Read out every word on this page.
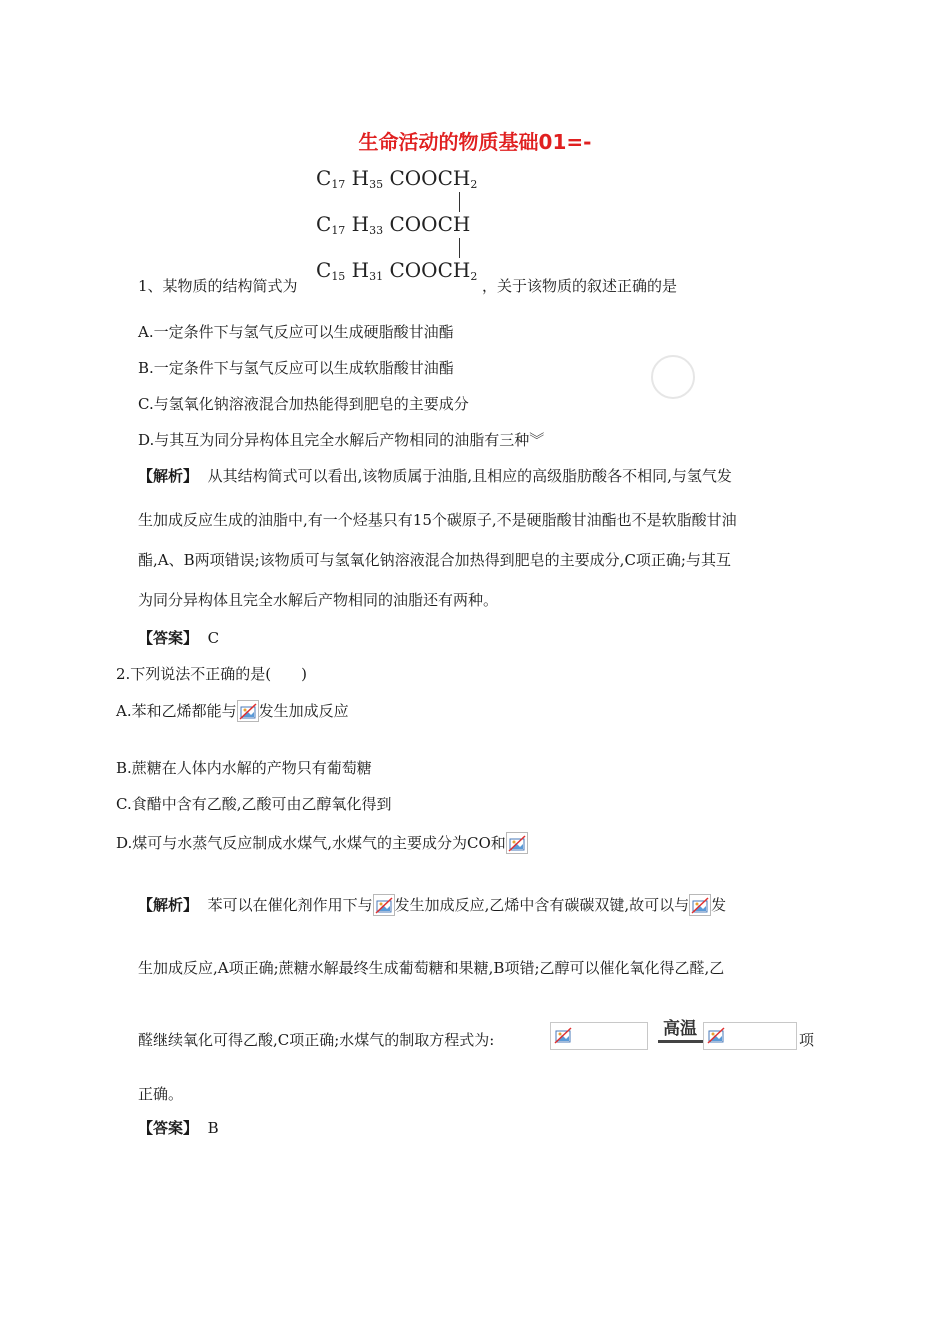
生命活动的物质基础01=-
$C_{17}$ $H_{35}$ $COOCH_2$
$C_{17}$ $H_{33}$ COOCH
$C_{15}$ $H_{31}$ $COOCH_2$
1、某物质的结构简式为	，关于该物质的叙述正确的是
A.一定条件下与氢气反应可以生成硬脂酸甘油酯
B.一定条件下与氢气反应可以生成软脂酸甘油酯
C.与氢氧化钠溶液混合加热能得到肥皂的主要成分
D.与其互为同分异构体且完全水解后产物相同的油脂有三种︾
【解析】 从其结构简式可以看出,该物质属于油脂,且相应的高级脂肪酸各不相同,与氢气发
生加成反应生成的油脂中,有一个烃基只有15个碳原子,不是硬脂酸甘油酯也不是软脂酸甘油
酯,A、B两项错误;该物质可与氢氧化钠溶液混合加热得到肥皂的主要成分,C项正确;与其互
为同分异构体且完全水解后产物相同的油脂还有两种。
【答案】 C
2.下列说法不正确的是(　　)
A.苯和乙烯都能与 发生加成反应
B.蔗糖在人体内水解的产物只有葡萄糖
C.食醋中含有乙酸,乙酸可由乙醇氧化得到
D.煤可与水蒸气反应制成水煤气,水煤气的主要成分为CO和
【解析】 苯可以在催化剂作用下与 发生加成反应,乙烯中含有碳碳双键,故可以与 发
生加成反应,A项正确;蔗糖水解最终生成葡萄糖和果糖,B项错;乙醇可以催化氧化得乙醛,乙
醛继续氧化可得乙酸,C项正确;水煤气的制取方程式为:
高温
项
正确。
【答案】 B
